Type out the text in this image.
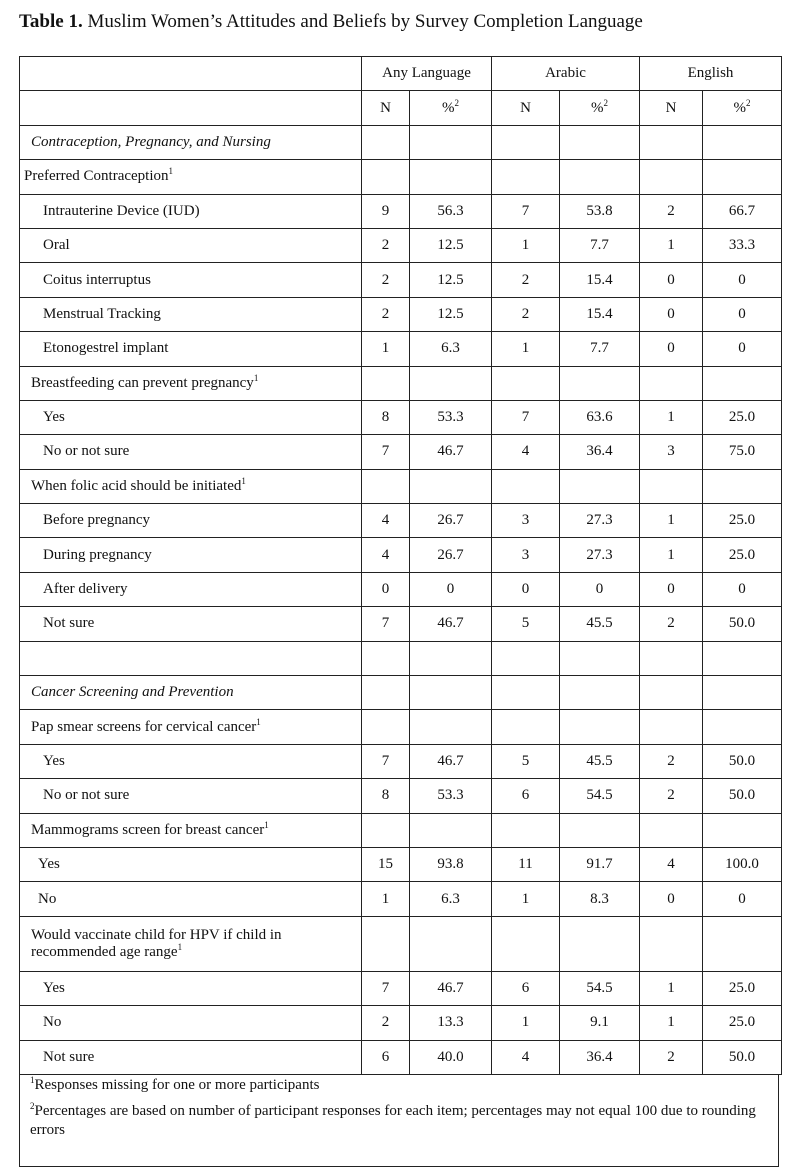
Table 1. Muslim Women’s Attitudes and Beliefs by Survey Completion Language
	Any Language		Arabic		English	
	N	%$^2$	N	%$^2$	N	%$^2$
Contraception, Pregnancy, and Nursing						
Preferred Contraception$^1$						
Intrauterine Device (IUD)	9	56.3	7	53.8	2	66.7
Oral	2	12.5	1	7.7	1	33.3
Coitus interruptus	2	12.5	2	15.4	0	0
Menstrual Tracking	2	12.5	2	15.4	0	0
Etonogestrel implant	1	6.3	1	7.7	0	0
Breastfeeding can prevent pregnancy$^1$						
Yes	8	53.3	7	63.6	1	25.0
No or not sure	7	46.7	4	36.4	3	75.0
When folic acid should be initiated$^1$						
Before pregnancy	4	26.7	3	27.3	1	25.0
During pregnancy	4	26.7	3	27.3	1	25.0
After delivery	0	0	0	0	0	0
Not sure	7	46.7	5	45.5	2	50.0

Cancer Screening and Prevention						
Pap smear screens for cervical cancer$^1$						
Yes	7	46.7	5	45.5	2	50.0
No or not sure	8	53.3	6	54.5	2	50.0
Mammograms screen for breast cancer$^1$						
Yes	15	93.8	11	91.7	4	100.0
No	1	6.3	1	8.3	0	0
Would vaccinate child for HPV if child in recommended age range$^1$						
Yes	7	46.7	6	54.5	1	25.0
No	2	13.3	1	9.1	1	25.0
Not sure	6	40.0	4	36.4	2	50.0

$^1$Responses missing for one or more participants

$^2$Percentages are based on number of participant responses for each item; percentages may not equal 100 due to rounding errors
